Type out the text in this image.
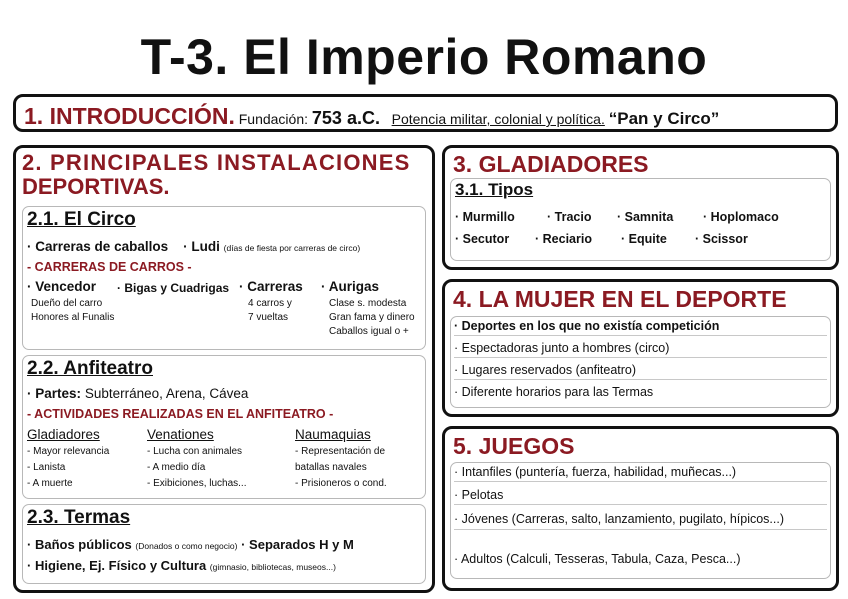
T-3. El Imperio Romano
1. INTRODUCCIÓN. Fundación: 753 a.C. Potencia militar, colonial y política. “Pan y Circo”
2. PRINCIPALES INSTALACIONES
DEPORTIVAS.
2.1. El Circo
· Carreras de caballos · Ludi (días de fiesta por carreras de circo)
- CARRERAS DE CARROS -
· Vencedor
Dueño del carro
Honores al Funalis
· Bigas y Cuadrigas · Carreras
4 carros y
7 vueltas
· Aurigas
Clase s. modesta
Gran fama y dinero
Caballos igual o +
2.2. Anfiteatro
· Partes: Subterráneo, Arena, Cávea
- ACTIVIDADES REALIZADAS EN EL ANFITEATRO -
Gladiadores
- Mayor relevancia
- Lanista
- A muerte
Venationes
- Lucha con animales
- A medio día
- Exibiciones, luchas...
Naumaquias
- Representación de
batallas navales
- Prisioneros o cond.
2.3. Termas
· Baños públicos (Donados o como negocio) · Separados H y M
· Higiene, Ej. Físico y Cultura (gimnasio, bibliotecas, museos...)
3. GLADIADORES
3.1. Tipos
· Murmillo	· Tracio · Samnita · Hoplomaco
· Secutor · Reciario · Equite · Scissor
4. LA MUJER EN EL DEPORTE
· Deportes en los que no existía competición
· Espectadoras junto a hombres (circo)
· Lugares reservados (anfiteatro)
· Diferente horarios para las Termas
5. JUEGOS
· Intanfiles (puntería, fuerza, habilidad, muñecas...)
· Pelotas
· Jóvenes (Carreras, salto, lanzamiento, pugilato, hípicos...)
· Adultos (Calculi, Tesseras, Tabula, Caza, Pesca...)
